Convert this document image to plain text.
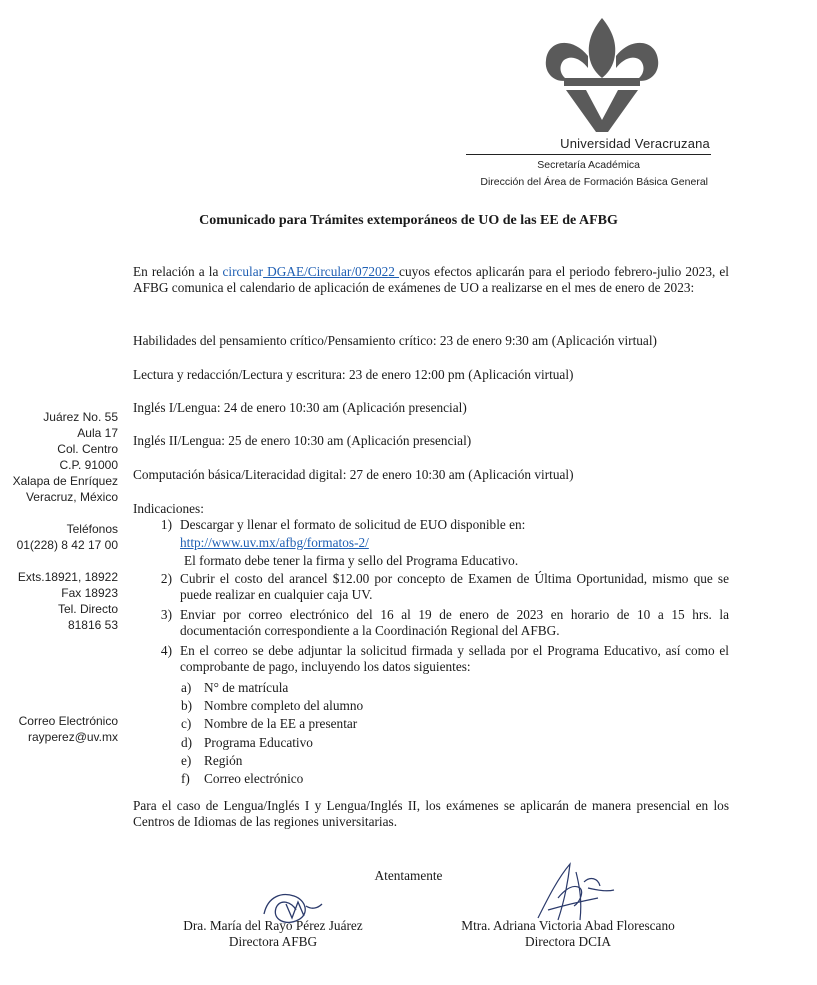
Universidad Veracruzana
Secretaría Académica
Dirección del Área de Formación Básica General
Comunicado para Trámites extemporáneos de UO de las EE de AFBG
Juárez No. 55
Aula 17
Col. Centro
C.P. 91000
Xalapa de Enríquez
Veracruz, México
Teléfonos
01(228) 8 42 17 00
Exts.18921, 18922
Fax 18923
Tel. Directo
81816 53
Correo Electrónico
rayperez@uv.mx
En relación a la circular DGAE/Circular/072022 cuyos efectos aplicarán para el periodo febrero-julio 2023, el AFBG comunica el calendario de aplicación de exámenes de UO a realizarse en el mes de enero de 2023:
Habilidades del pensamiento crítico/Pensamiento crítico: 23 de enero 9:30 am (Aplicación virtual)
Lectura y redacción/Lectura y escritura: 23 de enero 12:00 pm (Aplicación virtual)
Inglés I/Lengua: 24 de enero 10:30 am (Aplicación presencial)
Inglés II/Lengua: 25 de enero 10:30 am (Aplicación presencial)
Computación básica/Literacidad digital: 27 de enero 10:30 am (Aplicación virtual)
Indicaciones:
1) Descargar y llenar el formato de solicitud de EUO disponible en:
http://www.uv.mx/afbg/formatos-2/
El formato debe tener la firma y sello del Programa Educativo.
2) Cubrir el costo del arancel $12.00 por concepto de Examen de Última Oportunidad, mismo que se puede realizar en cualquier caja UV.
3) Enviar por correo electrónico del 16 al 19 de enero de 2023 en horario de 10 a 15 hrs. la documentación correspondiente a la Coordinación Regional del AFBG.
4) En el correo se debe adjuntar la solicitud firmada y sellada por el Programa Educativo, así como el comprobante de pago, incluyendo los datos siguientes:
a) N° de matrícula
b) Nombre completo del alumno
c) Nombre de la EE a presentar
d) Programa Educativo
e) Región
f)	Correo electrónico
Para el caso de Lengua/Inglés I y Lengua/Inglés II, los exámenes se aplicarán de manera presencial en los Centros de Idiomas de las regiones universitarias.
Atentamente
Dra. María del Rayo Pérez Juárez
Directora AFBG
Mtra. Adriana Victoria Abad Florescano
Directora DCIA
